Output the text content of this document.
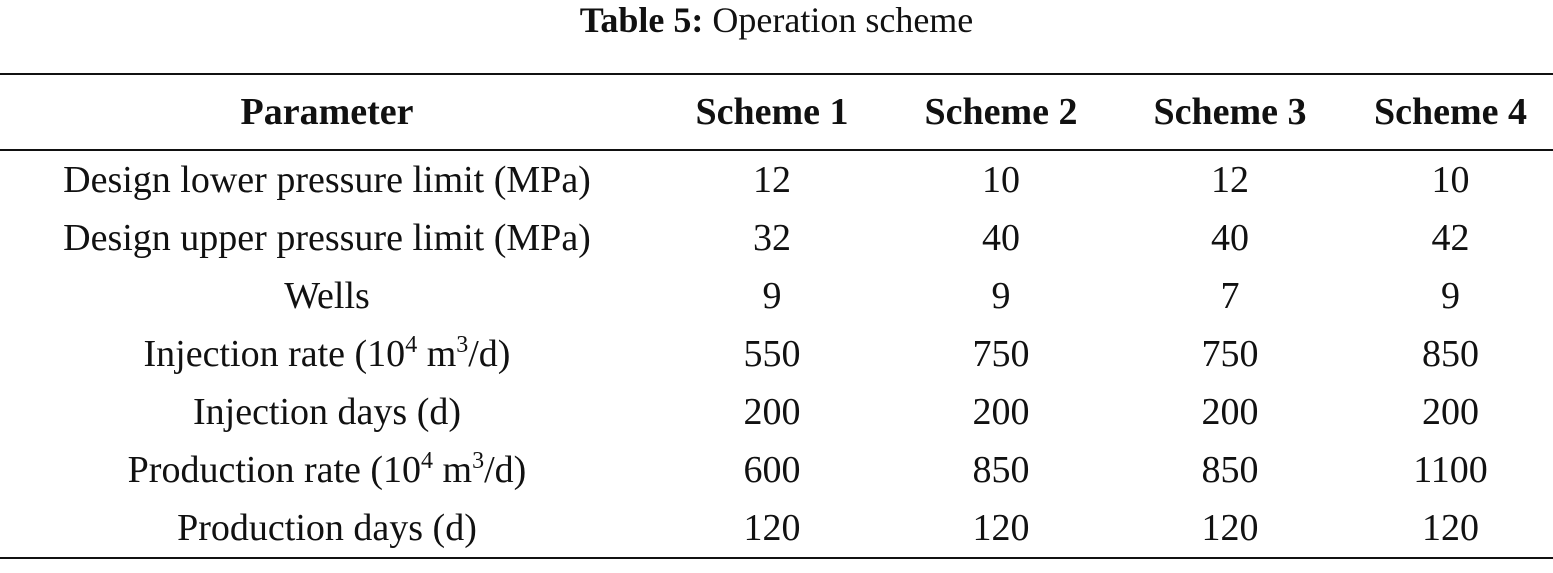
Table 5: Operation scheme
Parameter	Scheme 1	Scheme 2	Scheme 3	Scheme 4
Design lower pressure limit (MPa)	12	10	12	10
Design upper pressure limit (MPa)	32	40	40	42
Wells	9	9	7	9
Injection rate ($10^4$ $m^3/d$)	550	750	750	850
Injection days (d)	200	200	200	200
Production rate ($10^4$ $m^3/d$)	600	850	850	1100
Production days (d)	120	120	120	120
